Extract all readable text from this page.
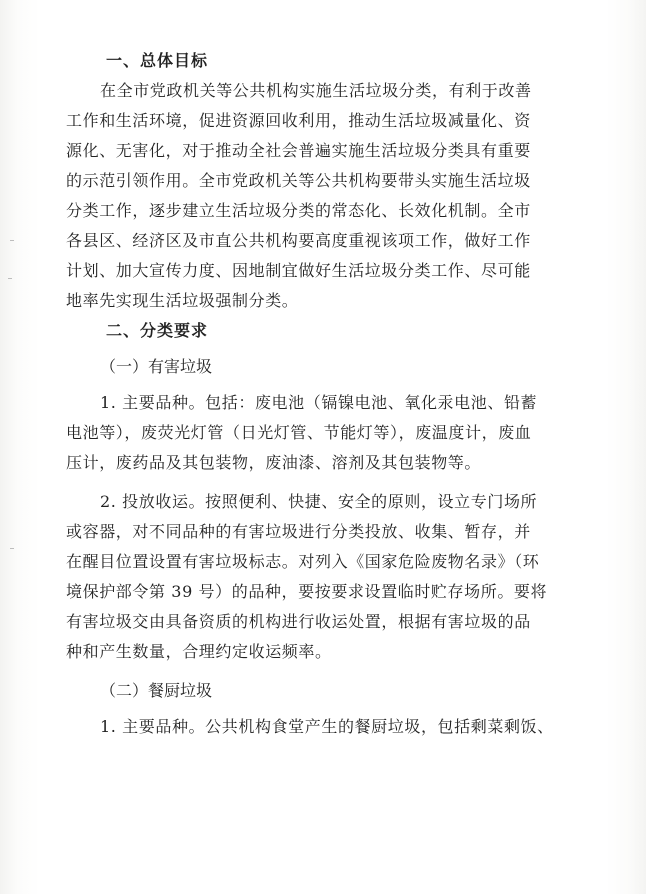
一、总体目标
在全市党政机关等公共机构实施生活垃圾分类，有利于改善
工作和生活环境，促进资源回收利用，推动生活垃圾减量化、资
源化、无害化，对于推动全社会普遍实施生活垃圾分类具有重要
的示范引领作用。全市党政机关等公共机构要带头实施生活垃圾
分类工作，逐步建立生活垃圾分类的常态化、长效化机制。全市
各县区、经济区及市直公共机构要高度重视该项工作，做好工作
计划、加大宣传力度、因地制宜做好生活垃圾分类工作、尽可能
地率先实现生活垃圾强制分类。
二、分类要求
（一）有害垃圾
1. 主要品种。包括：废电池（镉镍电池、氧化汞电池、铅蓄
电池等），废荧光灯管（日光灯管、节能灯等），废温度计，废血
压计，废药品及其包装物，废油漆、溶剂及其包装物等。
2. 投放收运。按照便利、快捷、安全的原则，设立专门场所
或容器，对不同品种的有害垃圾进行分类投放、收集、暂存，并
在醒目位置设置有害垃圾标志。对列入《国家危险废物名录》（环
境保护部令第 39 号）的品种，要按要求设置临时贮存场所。要将
有害垃圾交由具备资质的机构进行收运处置，根据有害垃圾的品
种和产生数量，合理约定收运频率。
（二）餐厨垃圾
1. 主要品种。公共机构食堂产生的餐厨垃圾，包括剩菜剩饭、
